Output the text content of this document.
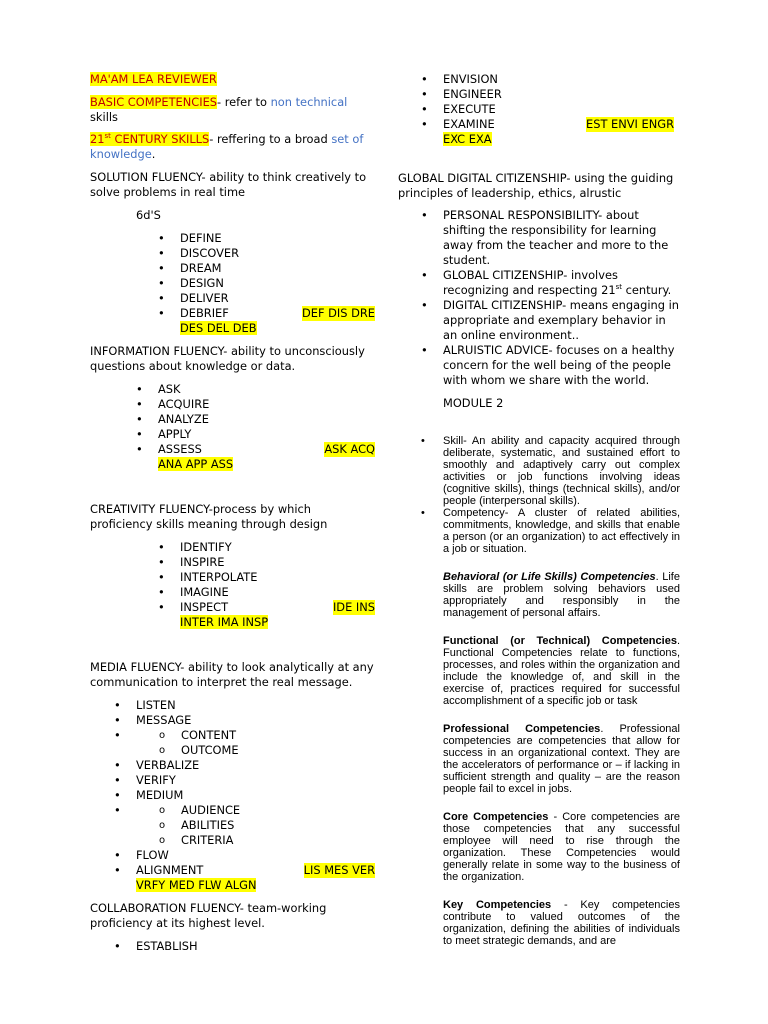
MA'AM LEA REVIEWER

BASIC COMPETENCIES- refer to non technical
skills

21st CENTURY SKILLS- reffering to a broad set of knowledge.

SOLUTION FLUENCY- ability to think creatively to solve problems in real time

6d'S

• DEFINE
• DISCOVER
• DREAM
• DESIGN
• DELIVER
• DEBRIEF	DEF DIS DRE

DES DEL DEB

INFORMATION FLUENCY- ability to unconsciously questions about knowledge or data.

• ASK
• ACQUIRE
• ANALYZE
• APPLY
• ASSESS	ASK ACQ

ANA APP ASS

CREATIVITY FLUENCY-process by which proficiency skills meaning through design

• IDENTIFY
• INSPIRE
• INTERPOLATE
• IMAGINE
• INSPECT	IDE INS

INTER IMA INSP

MEDIA FLUENCY- ability to look analytically at any communication to interpret the real message.

• LISTEN
• MESSAGE
o • CONTENT
o OUTCOME
• VERBALIZE
• VERIFY
• MEDIUM
o • AUDIENCE
o ABILITIES
o CRITERIA
• FLOW
• ALIGNMENT	LIS MES VER

VRFY MED FLW ALGN

COLLABORATION FLUENCY- team-working proficiency at its highest level.

• ESTABLISH
• ENVISION
• ENGINEER
• EXECUTE
• EXAMINE	EST ENVI ENGR

EXC EXA

GLOBAL DIGITAL CITIZENSHIP- using the guiding principles of leadership, ethics, alrustic

• PERSONAL RESPONSIBILITY- about shifting the responsibility for learning away from the teacher and more to the student.
• GLOBAL CITIZENSHIP- involves recognizing and respecting 21st century.
• DIGITAL CITIZENSHIP- means engaging in appropriate and exemplary behavior in an online environment..
• ALRUISTIC ADVICE- focuses on a healthy concern for the well being of the people with whom we share with the world.

MODULE 2

• Skill- An ability and capacity acquired through deliberate, systematic, and sustained effort to smoothly and adaptively carry out complex activities or job functions involving ideas (cognitive skills), things (technical skills), and/or people (interpersonal skills).
• Competency- A cluster of related abilities, commitments, knowledge, and skills that enable a person (or an organization) to act effectively in a job or situation.
Behavioral (or Life Skills) Competencies. Life skills are problem solving behaviors used appropriately and responsibly in the management of personal affairs.
Functional (or Technical) Competencies. Functional Competencies relate to functions, processes, and roles within the organization and include the knowledge of, and skill in the exercise of, practices required for successful accomplishment of a specific job or task
Professional Competencies. Professional competencies are competencies that allow for success in an organizational context. They are the accelerators of performance or – if lacking in sufficient strength and quality – are the reason people fail to excel in jobs.
Core Competencies - Core competencies are those competencies that any successful employee will need to rise through the organization. These Competencies would generally relate in some way to the business of the organization.
Key Competencies - Key competencies contribute to valued outcomes of the organization, defining the abilities of individuals to meet strategic demands, and are
